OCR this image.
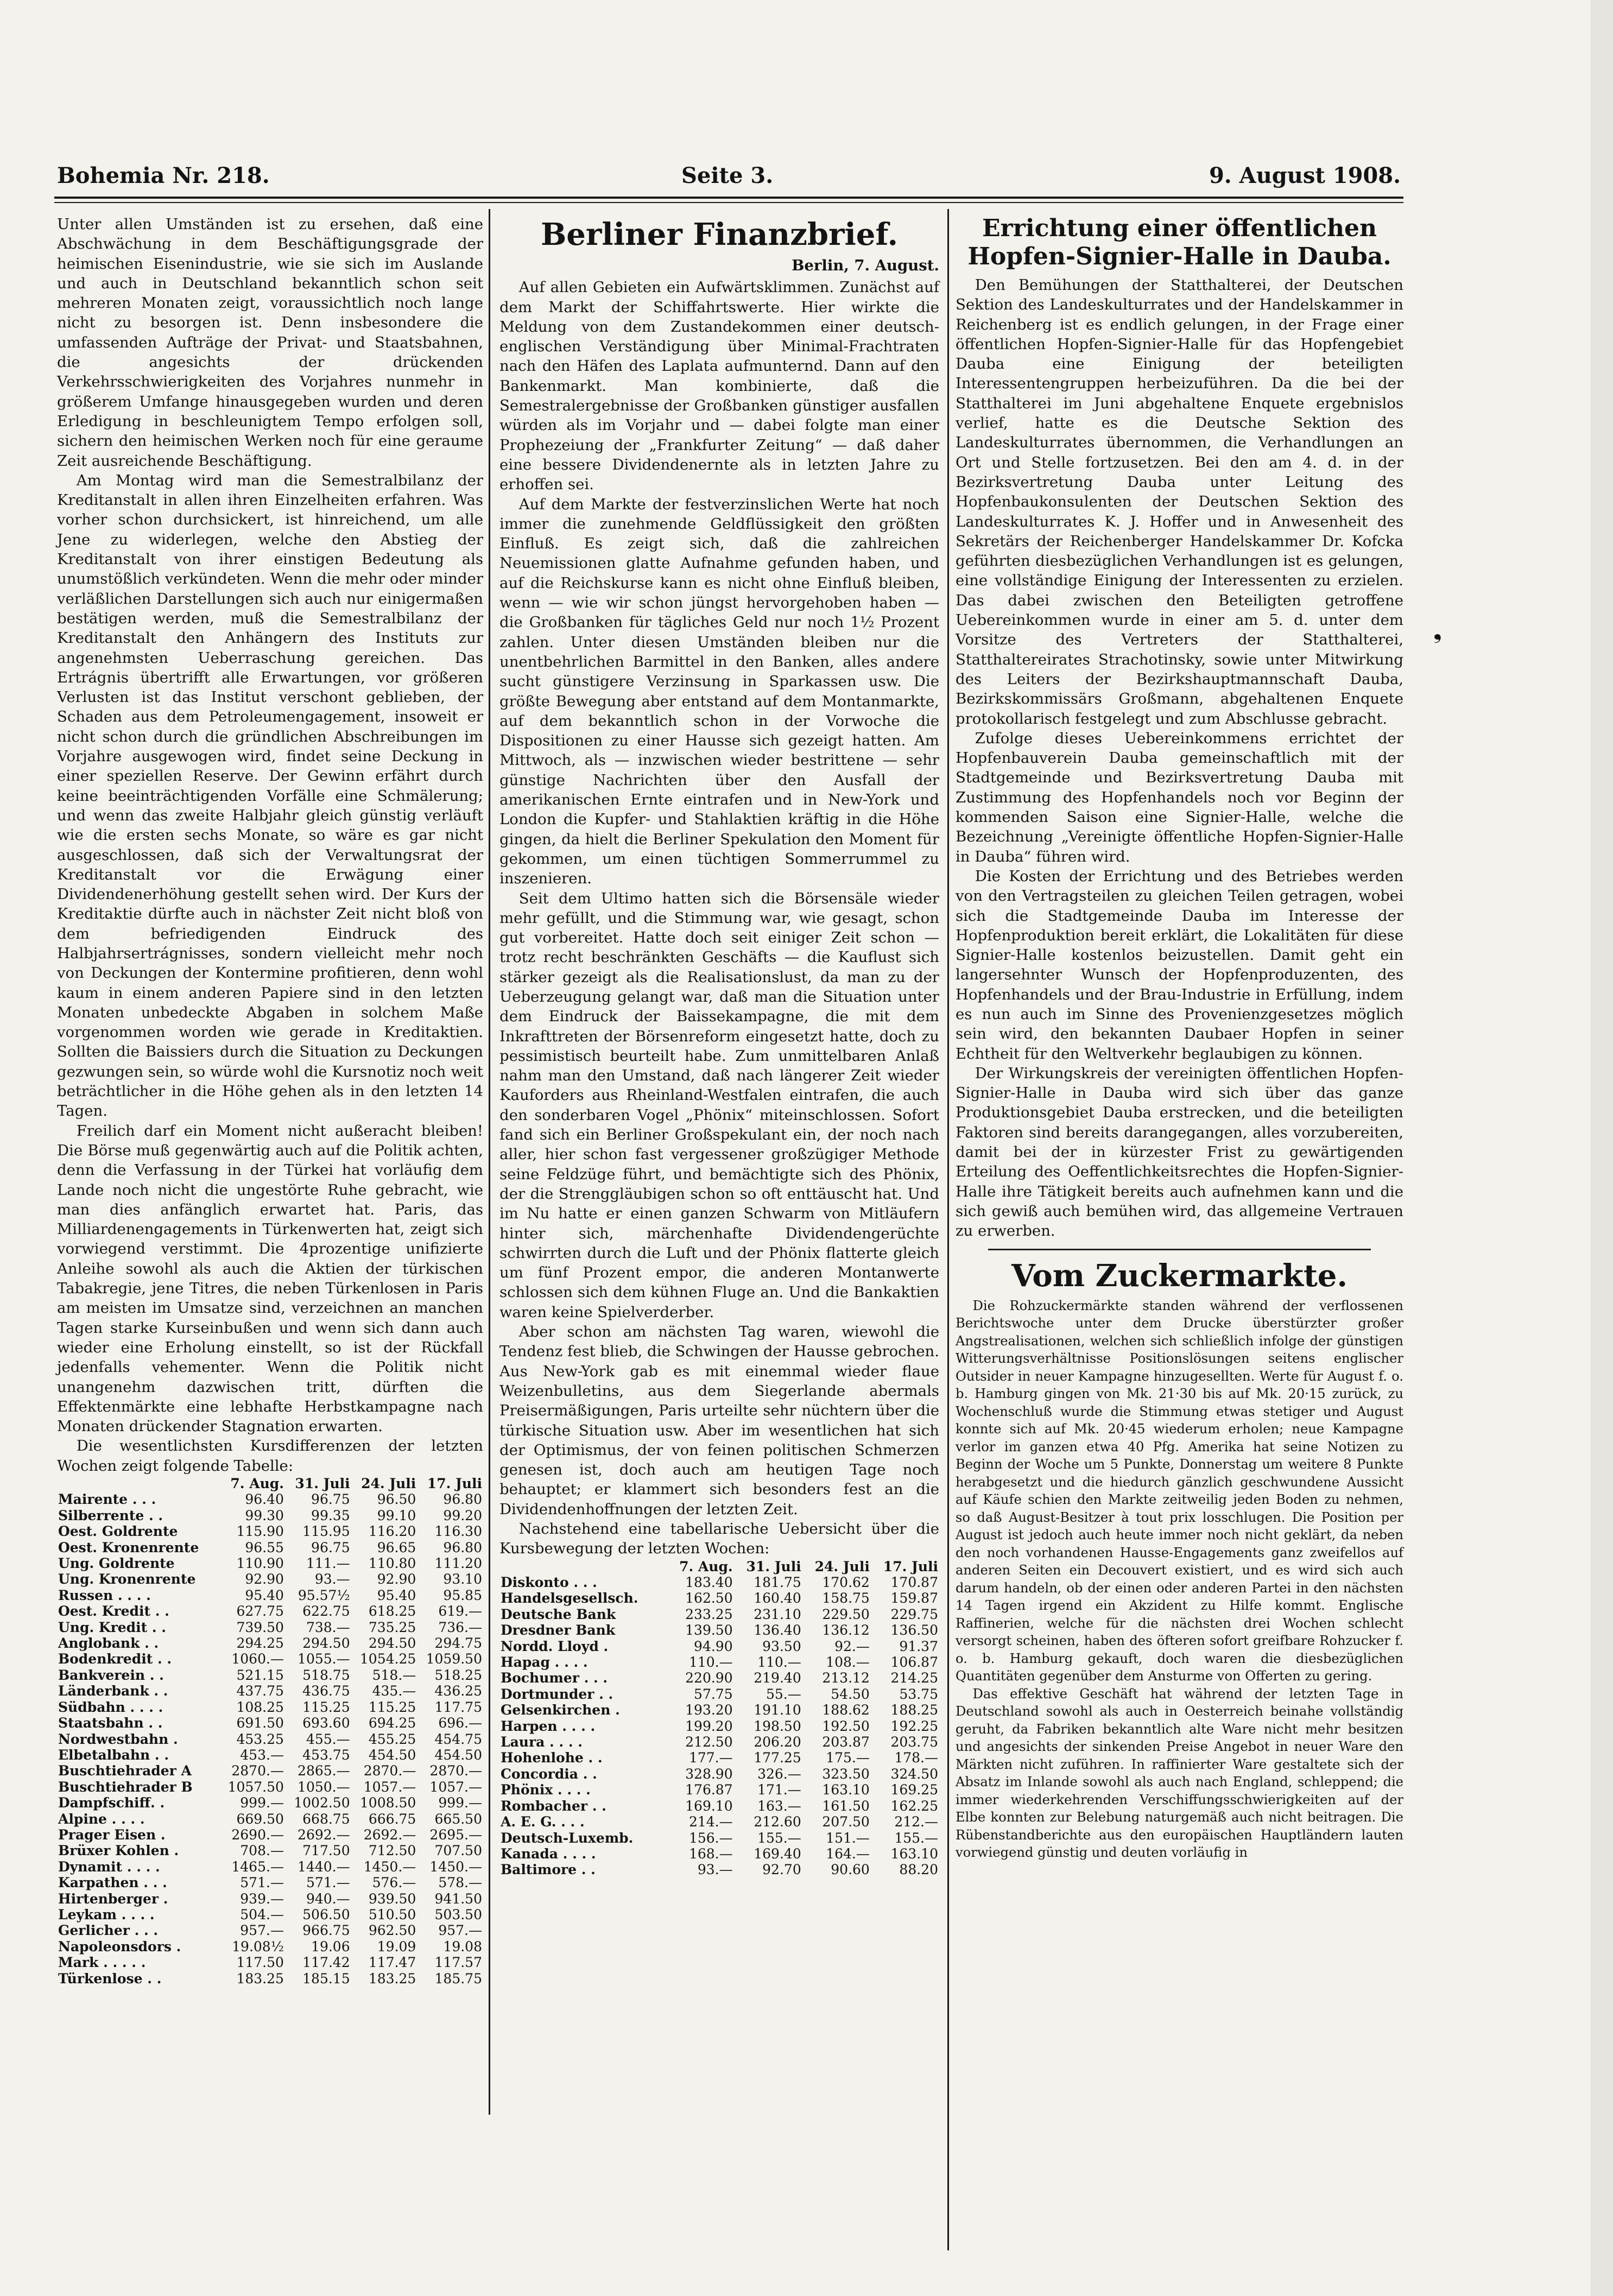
Bohemia Nr. 218.	Seite 3.	9. August 1908.

Unter allen Umständen ist zu ersehen, daß eine Abschwächung in dem Beschäftigungsgrade der heimischen Eisenindustrie, wie sie sich im Auslande und auch in Deutschland bekanntlich schon seit mehreren Monaten zeigt, voraussichtlich noch lange nicht zu besorgen ist. Denn insbesondere die umfassenden Aufträge der Privat- und Staatsbahnen, die angesichts der drückenden Verkehrsschwierigkeiten des Vorjahres nunmehr in größerem Umfange hinausgegeben wurden und deren Erledigung in beschleunigtem Tempo erfolgen soll, sichern den heimischen Werken noch für eine geraume Zeit ausreichende Beschäftigung.

Am Montag wird man die Semestralbilanz der Kreditanstalt in allen ihren Einzelheiten erfahren. Was vorher schon durchsickert, ist hinreichend, um alle Jene zu widerlegen, welche den Abstieg der Kreditanstalt von ihrer einstigen Bedeutung als unumstößlich verkündeten. Wenn die mehr oder minder verläßlichen Darstellungen sich auch nur einigermaßen bestätigen werden, muß die Semestralbilanz der Kreditanstalt den Anhängern des Instituts zur angenehmsten Ueberraschung gereichen. Das Ertrágnis übertrifft alle Erwartungen, vor größeren Verlusten ist das Institut verschont geblieben, der Schaden aus dem Petroleumengagement, insoweit er nicht schon durch die gründlichen Abschreibungen im Vorjahre ausgewogen wird, findet seine Deckung in einer speziellen Reserve. Der Gewinn erfährt durch keine beeinträchtigenden Vorfälle eine Schmälerung; und wenn das zweite Halbjahr gleich günstig verläuft wie die ersten sechs Monate, so wäre es gar nicht ausgeschlossen, daß sich der Verwaltungsrat der Kreditanstalt vor die Erwägung einer Dividendenerhöhung gestellt sehen wird. Der Kurs der Kreditaktie dürfte auch in nächster Zeit nicht bloß von dem befriedigenden Eindruck des Halbjahrsertrágnisses, sondern vielleicht mehr noch von Deckungen der Kontermine profitieren, denn wohl kaum in einem anderen Papiere sind in den letzten Monaten unbedeckte Abgaben in solchem Maße vorgenommen worden wie gerade in Kreditaktien. Sollten die Baissiers durch die Situation zu Deckungen gezwungen sein, so würde wohl die Kursnotiz noch weit beträchtlicher in die Höhe gehen als in den letzten 14 Tagen.

Freilich darf ein Moment nicht außeracht bleiben! Die Börse muß gegenwärtig auch auf die Politik achten, denn die Verfassung in der Türkei hat vorläufig dem Lande noch nicht die ungestörte Ruhe gebracht, wie man dies anfänglich erwartet hat. Paris, das Milliardenengagements in Türkenwerten hat, zeigt sich vorwiegend verstimmt. Die 4prozentige unifizierte Anleihe sowohl als auch die Aktien der türkischen Tabakregie, jene Titres, die neben Türkenlosen in Paris am meisten im Umsatze sind, verzeichnen an manchen Tagen starke Kurseinbußen und wenn sich dann auch wieder eine Erholung einstellt, so ist der Rückfall jedenfalls vehementer. Wenn die Politik nicht unangenehm dazwischen tritt, dürften die Effektenmärkte eine lebhafte Herbstkampagne nach Monaten drückender Stagnation erwarten.

Die wesentlichsten Kursdifferenzen der letzten Wochen zeigt folgende Tabelle:

	7. Aug.	31. Juli	24. Juli	17. Juli
Mairente . . .	96.40	96.75	96.50	96.80
Silberrente . .	99.30	99.35	99.10	99.20
Oest. Goldrente	115.90	115.95	116.20	116.30
Oest. Kronenrente	96.55	96.75	96.65	96.80
Ung. Goldrente	110.90	111.—	110.80	111.20
Ung. Kronenrente	92.90	93.—	92.90	93.10
Russen . . . .	95.40	95.57½	95.40	95.85
Oest. Kredit . .	627.75	622.75	618.25	619.—
Ung. Kredit . .	739.50	738.—	735.25	736.—
Anglobank . .	294.25	294.50	294.50	294.75
Bodenkredit . .	1060.—	1055.—	1054.25	1059.50
Bankverein . .	521.15	518.75	518.—	518.25
Länderbank . .	437.75	436.75	435.—	436.25
Südbahn . . . .	108.25	115.25	115.25	117.75
Staatsbahn . .	691.50	693.60	694.25	696.—
Nordwestbahn .	453.25	455.—	455.25	454.75
Elbetalbahn . .	453.—	453.75	454.50	454.50
Buschtiehrader A	2870.—	2865.—	2870.—	2870.—
Buschtiehrader B	1057.50	1050.—	1057.—	1057.—
Dampfschiff. .	999.—	1002.50	1008.50	999.—
Alpine . . . .	669.50	668.75	666.75	665.50
Prager Eisen .	2690.—	2692.—	2692.—	2695.—
Brüxer Kohlen .	708.—	717.50	712.50	707.50
Dynamit . . . .	1465.—	1440.—	1450.—	1450.—
Karpathen . . .	571.—	571.—	576.—	578.—
Hirtenberger .	939.—	940.—	939.50	941.50
Leykam . . . .	504.—	506.50	510.50	503.50
Gerlicher . . .	957.—	966.75	962.50	957.—
Napoleonsdors .	19.08½	19.06	19.09	19.08
Mark . . . . .	117.50	117.42	117.47	117.57
Türkenlose . .	183.25	185.15	183.25	185.75
Berliner Finanzbrief.
Berlin, 7. August.

Auf allen Gebieten ein Aufwärtsklimmen. Zunächst auf dem Markt der Schiffahrtswerte. Hier wirkte die Meldung von dem Zustandekommen einer deutsch-englischen Verständigung über Minimal-Frachtraten nach den Häfen des Laplata aufmunternd. Dann auf den Bankenmarkt. Man kombinierte, daß die Semestralergebnisse der Großbanken günstiger ausfallen würden als im Vorjahr und — dabei folgte man einer Prophezeiung der „Frankfurter Zeitung“ — daß daher eine bessere Dividendenernte als in letzten Jahre zu erhoffen sei.

Auf dem Markte der festverzinslichen Werte hat noch immer die zunehmende Geldflüssigkeit den größten Einfluß. Es zeigt sich, daß die zahlreichen Neuemissionen glatte Aufnahme gefunden haben, und auf die Reichskurse kann es nicht ohne Einfluß bleiben, wenn — wie wir schon jüngst hervorgehoben haben — die Großbanken für tägliches Geld nur noch 1½ Prozent zahlen. Unter diesen Umständen bleiben nur die unentbehrlichen Barmittel in den Banken, alles andere sucht günstigere Verzinsung in Sparkassen usw. Die größte Bewegung aber entstand auf dem Montanmarkte, auf dem bekanntlich schon in der Vorwoche die Dispositionen zu einer Hausse sich gezeigt hatten. Am Mittwoch, als — inzwischen wieder bestrittene — sehr günstige Nachrichten über den Ausfall der amerikanischen Ernte eintrafen und in New-York und London die Kupfer- und Stahlaktien kräftig in die Höhe gingen, da hielt die Berliner Spekulation den Moment für gekommen, um einen tüchtigen Sommerrummel zu inszenieren.

Seit dem Ultimo hatten sich die Börsensäle wieder mehr gefüllt, und die Stimmung war, wie gesagt, schon gut vorbereitet. Hatte doch seit einiger Zeit schon — trotz recht beschränkten Geschäfts — die Kauflust sich stärker gezeigt als die Realisationslust, da man zu der Ueberzeugung gelangt war, daß man die Situation unter dem Eindruck der Baissekampagne, die mit dem Inkrafttreten der Börsenreform eingesetzt hatte, doch zu pessimistisch beurteilt habe. Zum unmittelbaren Anlaß nahm man den Umstand, daß nach längerer Zeit wieder Kauforders aus Rheinland-Westfalen eintrafen, die auch den sonderbaren Vogel „Phönix“ miteinschlossen. Sofort fand sich ein Berliner Großspekulant ein, der noch nach aller, hier schon fast vergessener großzügiger Methode seine Feldzüge führt, und bemächtigte sich des Phönix, der die Strenggläubigen schon so oft enttäuscht hat. Und im Nu hatte er einen ganzen Schwarm von Mitläufern hinter sich, märchenhafte Dividendengerüchte schwirrten durch die Luft und der Phönix flatterte gleich um fünf Prozent empor, die anderen Montanwerte schlossen sich dem kühnen Fluge an. Und die Bankaktien waren keine Spielverderber.

Aber schon am nächsten Tag waren, wiewohl die Tendenz fest blieb, die Schwingen der Hausse gebrochen. Aus New-York gab es mit einemmal wieder flaue Weizenbulletins, aus dem Siegerlande abermals Preisermäßigungen, Paris urteilte sehr nüchtern über die türkische Situation usw. Aber im wesentlichen hat sich der Optimismus, der von feinen politischen Schmerzen genesen ist, doch auch am heutigen Tage noch behauptet; er klammert sich besonders fest an die Dividendenhoffnungen der letzten Zeit.

Nachstehend eine tabellarische Uebersicht über die Kursbewegung der letzten Wochen:

	7. Aug.	31. Juli	24. Juli	17. Juli
Diskonto . . .	183.40	181.75	170.62	170.87
Handelsgesellsch.	162.50	160.40	158.75	159.87
Deutsche Bank	233.25	231.10	229.50	229.75
Dresdner Bank	139.50	136.40	136.12	136.50
Nordd. Lloyd .	94.90	93.50	92.—	91.37
Hapag . . . .	110.—	110.—	108.—	106.87
Bochumer . . .	220.90	219.40	213.12	214.25
Dortmunder . .	57.75	55.—	54.50	53.75
Gelsenkirchen .	193.20	191.10	188.62	188.25
Harpen . . . .	199.20	198.50	192.50	192.25
Laura . . . .	212.50	206.20	203.87	203.75
Hohenlohe . .	177.—	177.25	175.—	178.—
Concordia . .	328.90	326.—	323.50	324.50
Phönix . . . .	176.87	171.—	163.10	169.25
Rombacher . .	169.10	163.—	161.50	162.25
A. E. G. . . .	214.—	212.60	207.50	212.—
Deutsch-Luxemb.	156.—	155.—	151.—	155.—
Kanada . . . .	168.—	169.40	164.—	163.10
Baltimore . .	93.—	92.70	90.60	88.20
Errichtung einer öffentlichen Hopfen-Signier-Halle in Dauba.

Den Bemühungen der Statthalterei, der Deutschen Sektion des Landeskulturrates und der Handelskammer in Reichenberg ist es endlich gelungen, in der Frage einer öffentlichen Hopfen-Signier-Halle für das Hopfengebiet Dauba eine Einigung der beteiligten Interessentengruppen herbeizuführen. Da die bei der Statthalterei im Juni abgehaltene Enquete ergebnislos verlief, hatte es die Deutsche Sektion des Landeskulturrates übernommen, die Verhandlungen an Ort und Stelle fortzusetzen. Bei den am 4. d. in der Bezirksvertretung Dauba unter Leitung des Hopfenbaukonsulenten der Deutschen Sektion des Landeskulturrates K. J. Hoffer und in Anwesenheit des Sekretärs der Reichenberger Handelskammer Dr. Kofcka geführten diesbezüglichen Verhandlungen ist es gelungen, eine vollständige Einigung der Interessenten zu erzielen. Das dabei zwischen den Beteiligten getroffene Uebereinkommen wurde in einer am 5. d. unter dem Vorsitze des Vertreters der Statthalterei, Statthaltereirates Strachotinsky, sowie unter Mitwirkung des Leiters der Bezirkshauptmannschaft Dauba, Bezirkskommissärs Großmann, abgehaltenen Enquete protokollarisch festgelegt und zum Abschlusse gebracht.

Zufolge dieses Uebereinkommens errichtet der Hopfenbauverein Dauba gemeinschaftlich mit der Stadtgemeinde und Bezirksvertretung Dauba mit Zustimmung des Hopfenhandels noch vor Beginn der kommenden Saison eine Signier-Halle, welche die Bezeichnung „Vereinigte öffentliche Hopfen-Signier-Halle in Dauba“ führen wird.

Die Kosten der Errichtung und des Betriebes werden von den Vertragsteilen zu gleichen Teilen getragen, wobei sich die Stadtgemeinde Dauba im Interesse der Hopfenproduktion bereit erklärt, die Lokalitäten für diese Signier-Halle kostenlos beizustellen. Damit geht ein langersehnter Wunsch der Hopfenproduzenten, des Hopfenhandels und der Brau-Industrie in Erfüllung, indem es nun auch im Sinne des Provenienzgesetzes möglich sein wird, den bekannten Daubaer Hopfen in seiner Echtheit für den Weltverkehr beglaubigen zu können.

Der Wirkungskreis der vereinigten öffentlichen Hopfen-Signier-Halle in Dauba wird sich über das ganze Produktionsgebiet Dauba erstrecken, und die beteiligten Faktoren sind bereits darangegangen, alles vorzubereiten, damit bei der in kürzester Frist zu gewärtigenden Erteilung des Oeffentlichkeitsrechtes die Hopfen-Signier-Halle ihre Tätigkeit bereits auch aufnehmen kann und die sich gewiß auch bemühen wird, das allgemeine Vertrauen zu erwerben.

Vom Zuckermarkte.

Die Rohzuckermärkte standen während der verflossenen Berichtswoche unter dem Drucke überstürzter großer Angstrealisationen, welchen sich schließlich infolge der günstigen Witterungsverhältnisse Positionslösungen seitens englischer Outsider in neuer Kampagne hinzugesellten. Werte für August f. o. b. Hamburg gingen von Mk. 21·30 bis auf Mk. 20·15 zurück, zu Wochenschluß wurde die Stimmung etwas stetiger und August konnte sich auf Mk. 20·45 wiederum erholen; neue Kampagne verlor im ganzen etwa 40 Pfg. Amerika hat seine Notizen zu Beginn der Woche um 5 Punkte, Donnerstag um weitere 8 Punkte herabgesetzt und die hiedurch gänzlich geschwundene Aussicht auf Käufe schien den Markte zeitweilig jeden Boden zu nehmen, so daß August-Besitzer à tout prix losschlugen. Die Position per August ist jedoch auch heute immer noch nicht geklärt, da neben den noch vorhandenen Hausse-Engagements ganz zweifellos auf anderen Seiten ein Decouvert existiert, und es wird sich auch darum handeln, ob der einen oder anderen Partei in den nächsten 14 Tagen irgend ein Akzident zu Hilfe kommt. Englische Raffinerien, welche für die nächsten drei Wochen schlecht versorgt scheinen, haben des öfteren sofort greifbare Rohzucker f. o. b. Hamburg gekauft, doch waren die diesbezüglichen Quantitäten gegenüber dem Ansturme von Offerten zu gering.

Das effektive Geschäft hat während der letzten Tage in Deutschland sowohl als auch in Oesterreich beinahe vollständig geruht, da Fabriken bekanntlich alte Ware nicht mehr besitzen und angesichts der sinkenden Preise Angebot in neuer Ware den Märkten nicht zuführen. In raffinierter Ware gestaltete sich der Absatz im Inlande sowohl als auch nach England, schleppend; die immer wiederkehrenden Verschiffungsschwierigkeiten auf der Elbe konnten zur Belebung naturgemäß auch nicht beitragen. Die Rübenstandberichte aus den europäischen Hauptländern lauten vorwiegend günstig und deuten vorläufig in

❟
